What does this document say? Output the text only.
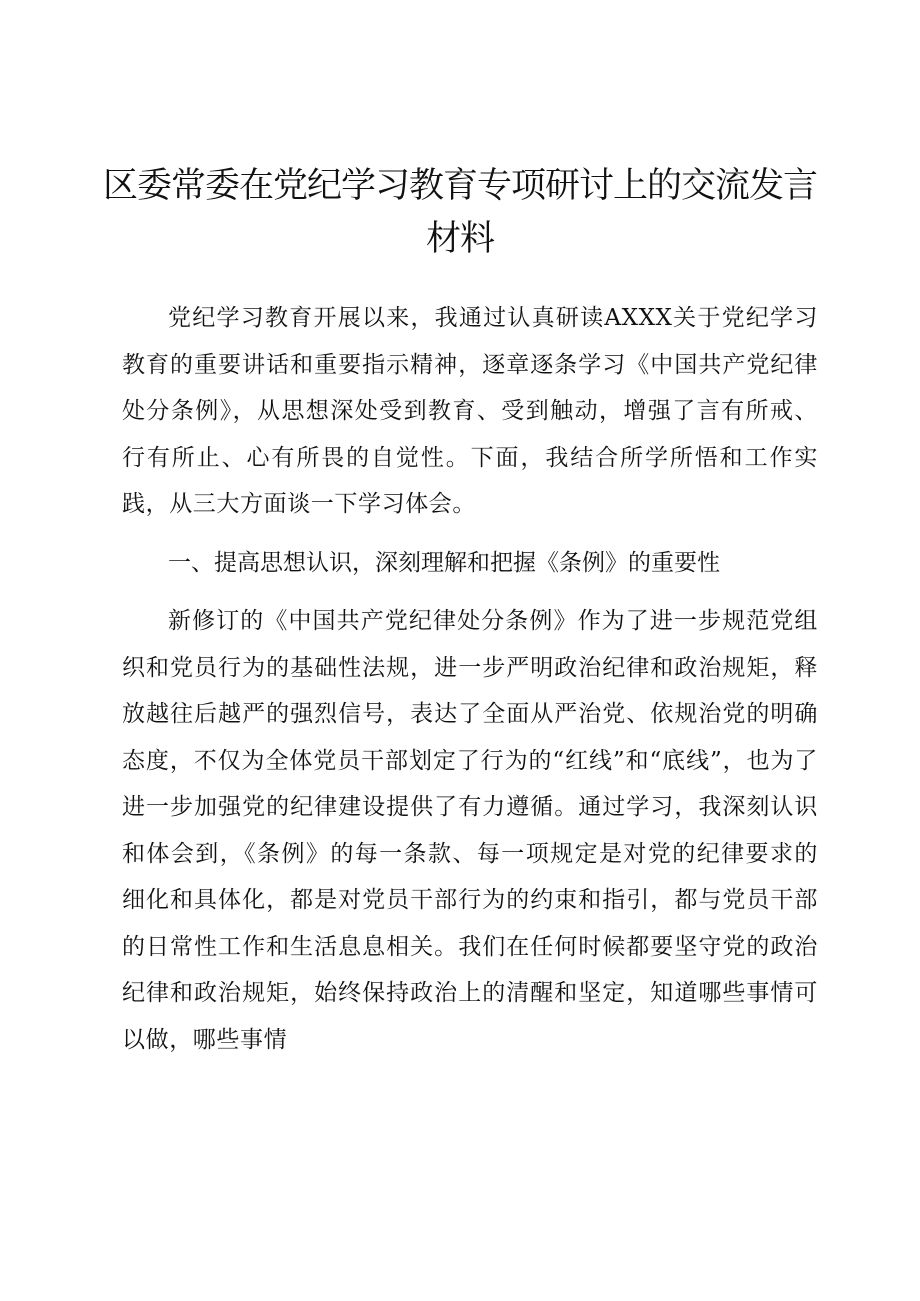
区委常委在党纪学习教育专项研讨上的交流发言材料

党纪学习教育开展以来，我通过认真研读AXXX关于党纪学习教育的重要讲话和重要指示精神，逐章逐条学习《中国共产党纪律处分条例》，从思想深处受到教育、受到触动，增强了言有所戒、行有所止、心有所畏的自觉性。下面，我结合所学所悟和工作实践，从三大方面谈一下学习体会。

一、提高思想认识，深刻理解和把握《条例》的重要性

新修订的《中国共产党纪律处分条例》作为了进一步规范党组织和党员行为的基础性法规，进一步严明政治纪律和政治规矩，释放越往后越严的强烈信号，表达了全面从严治党、依规治党的明确态度，不仅为全体党员干部划定了行为的“红线”和“底线”，也为了进一步加强党的纪律建设提供了有力遵循。通过学习，我深刻认识和体会到，《条例》的每一条款、每一项规定是对党的纪律要求的细化和具体化，都是对党员干部行为的约束和指引，都与党员干部的日常性工作和生活息息相关。我们在任何时候都要坚守党的政治纪律和政治规矩，始终保持政治上的清醒和坚定，知道哪些事情可以做，哪些事情
